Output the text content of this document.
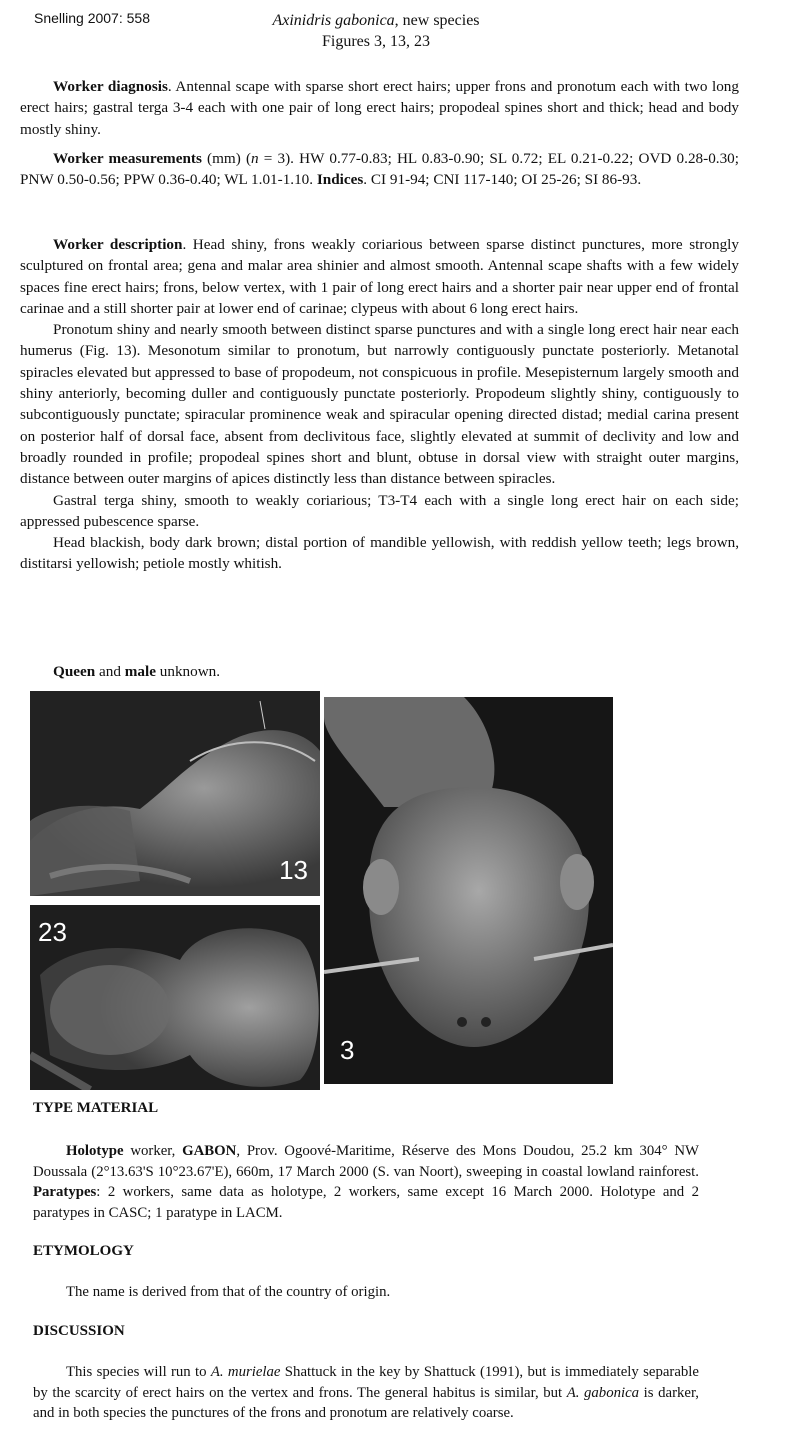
Snelling 2007: 558	Axinidris gabonica, new species
Figures 3, 13, 23

Worker diagnosis. Antennal scape with sparse short erect hairs; upper frons and pronotum each with two long erect hairs; gastral terga 3-4 each with one pair of long erect hairs; propodeal spines short and thick; head and body mostly shiny.

Worker measurements (mm) (n = 3). HW 0.77-0.83; HL 0.83-0.90; SL 0.72; EL 0.21-0.22; OVD 0.28-0.30; PNW 0.50-0.56; PPW 0.36-0.40; WL 1.01-1.10. Indices. CI 91-94; CNI 117-140; OI 25-26; SI 86-93.

Worker description. Head shiny, frons weakly coriarious between sparse distinct punctures, more strongly sculptured on frontal area; gena and malar area shinier and almost smooth. Antennal scape shafts with a few widely spaces fine erect hairs; frons, below vertex, with 1 pair of long erect hairs and a shorter pair near upper end of frontal carinae and a still shorter pair at lower end of carinae; clypeus with about 6 long erect hairs.

Pronotum shiny and nearly smooth between distinct sparse punctures and with a single long erect hair near each humerus (Fig. 13). Mesonotum similar to pronotum, but narrowly contiguously punctate posteriorly. Metanotal spiracles elevated but appressed to base of propodeum, not conspicuous in profile. Mesepisternum largely smooth and shiny anteriorly, becoming duller and contiguously punctate posteriorly. Propodeum slightly shiny, contiguously to subcontiguously punctate; spiracular prominence weak and spiracular opening directed distad; medial carina present on posterior half of dorsal face, absent from declivitous face, slightly elevated at summit of declivity and low and broadly rounded in profile; propodeal spines short and blunt, obtuse in dorsal view with straight outer margins, distance between outer margins of apices distinctly less than distance between spiracles.

Gastral terga shiny, smooth to weakly coriarious; T3-T4 each with a single long erect hair on each side; appressed pubescence sparse.

Head blackish, body dark brown; distal portion of mandible yellowish, with reddish yellow teeth; legs brown, distitarsi yellowish; petiole mostly whitish.

Queen and male unknown.

13
23
3
TYPE MATERIAL

Holotype worker, GABON, Prov. Ogoové-Maritime, Réserve des Mons Doudou, 25.2 km 304° NW Doussala (2°13.63'S 10°23.67'E), 660m, 17 March 2000 (S. van Noort), sweeping in coastal lowland rainforest. Paratypes: 2 workers, same data as holotype, 2 workers, same except 16 March 2000. Holotype and 2 paratypes in CASC; 1 paratype in LACM.

ETYMOLOGY

The name is derived from that of the country of origin.

DISCUSSION

This species will run to A. murielae Shattuck in the key by Shattuck (1991), but is immediately separable by the scarcity of erect hairs on the vertex and frons. The general habitus is similar, but A. gabonica is darker, and in both species the punctures of the frons and pronotum are relatively coarse.
